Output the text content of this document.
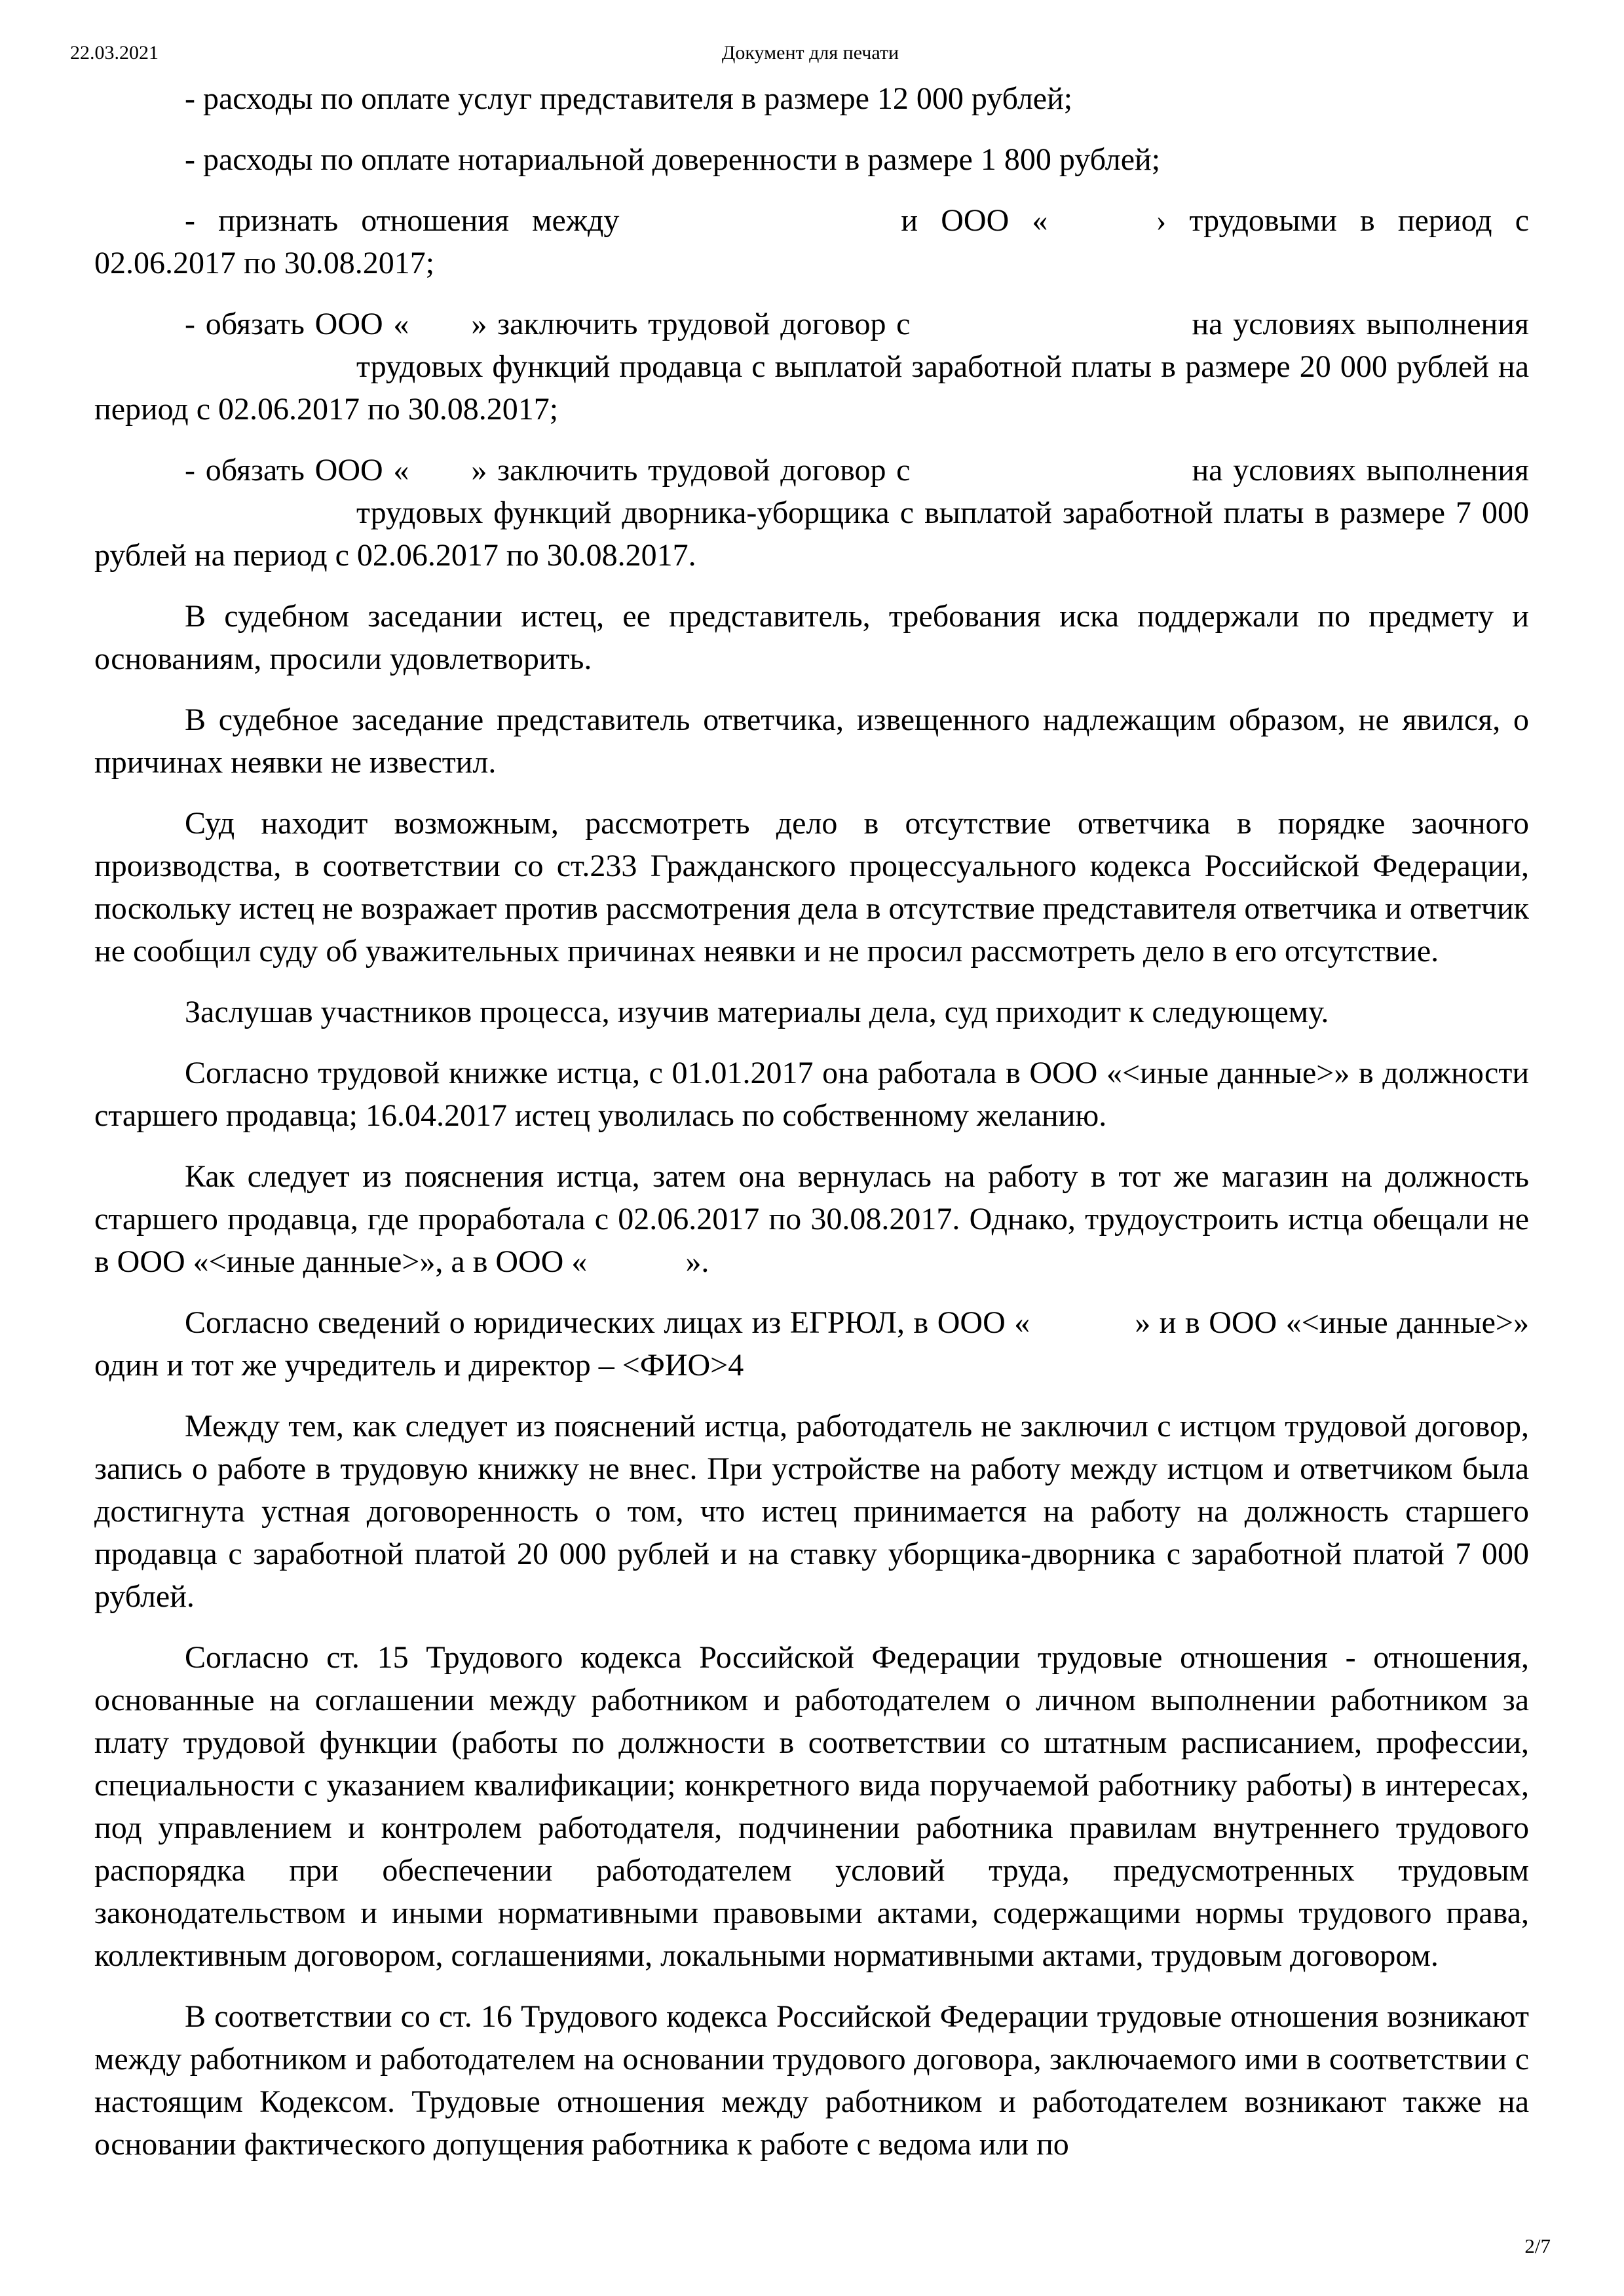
22.03.2021	Документ для печати

- расходы по оплате услуг представителя в размере 12 000 рублей;

- расходы по оплате нотариальной доверенности в размере 1 800 рублей;

- признать отношения между	и ООО «	› трудовыми в период с 02.06.2017 по 30.08.2017;

- обязать ООО « » заключить трудовой договор с	на условиях выполнениятрудовых функций продавца с выплатой заработной платы в размере 20 000 рублей на период с 02.06.2017 по 30.08.2017;

- обязать ООО « » заключить трудовой договор с	на условиях выполнениятрудовых функций дворника-уборщика с выплатой заработной платы в размере 7 000 рублей на период с 02.06.2017 по 30.08.2017.

В судебном заседании истец, ее представитель, требования иска поддержали по предмету и основаниям, просили удовлетворить.

В судебное заседание представитель ответчика, извещенного надлежащим образом, не явился, о причинах неявки не известил.

Суд находит возможным, рассмотреть дело в отсутствие ответчика в порядке заочного производства, в соответствии со ст.233 Гражданского процессуального кодекса Российской Федерации, поскольку истец не возражает против рассмотрения дела в отсутствие представителя ответчика и ответчик не сообщил суду об уважительных причинах неявки и не просил рассмотреть дело в его отсутствие.

Заслушав участников процесса, изучив материалы дела, суд приходит к следующему.

Согласно трудовой книжке истца, с 01.01.2017 она работала в ООО «<иные данные>» в должности старшего продавца; 16.04.2017 истец уволилась по собственному желанию.

Как следует из пояснения истца, затем она вернулась на работу в тот же магазин на должность старшего продавца, где проработала с 02.06.2017 по 30.08.2017. Однако, трудоустроить истца обещали не в ООО «<иные данные>», а в ООО «	».

Согласно сведений о юридических лицах из ЕГРЮЛ, в ООО «	» и в ООО «<иные данные>» один и тот же учредитель и директор – <ФИО>4

Между тем, как следует из пояснений истца, работодатель не заключил с истцом трудовой договор, запись о работе в трудовую книжку не внес. При устройстве на работу между истцом и ответчиком была достигнута устная договоренность о том, что истец принимается на работу на должность старшего продавца с заработной платой 20 000 рублей и на ставку уборщика-дворника с заработной платой 7 000 рублей.

Согласно ст. 15 Трудового кодекса Российской Федерации трудовые отношения - отношения, основанные на соглашении между работником и работодателем о личном выполнении работником за плату трудовой функции (работы по должности в соответствии со штатным расписанием, профессии, специальности с указанием квалификации; конкретного вида поручаемой работнику работы) в интересах, под управлением и контролем работодателя, подчинении работника правилам внутреннего трудового распорядка при обеспечении работодателем условий труда, предусмотренных трудовым законодательством и иными нормативными правовыми актами, содержащими нормы трудового права, коллективным договором, соглашениями, локальными нормативными актами, трудовым договором.

В соответствии со ст. 16 Трудового кодекса Российской Федерации трудовые отношения возникают между работником и работодателем на основании трудового договора, заключаемого ими в соответствии с настоящим Кодексом. Трудовые отношения между работником и работодателем возникают также на основании фактического допущения работника к работе с ведома или по

2/7
